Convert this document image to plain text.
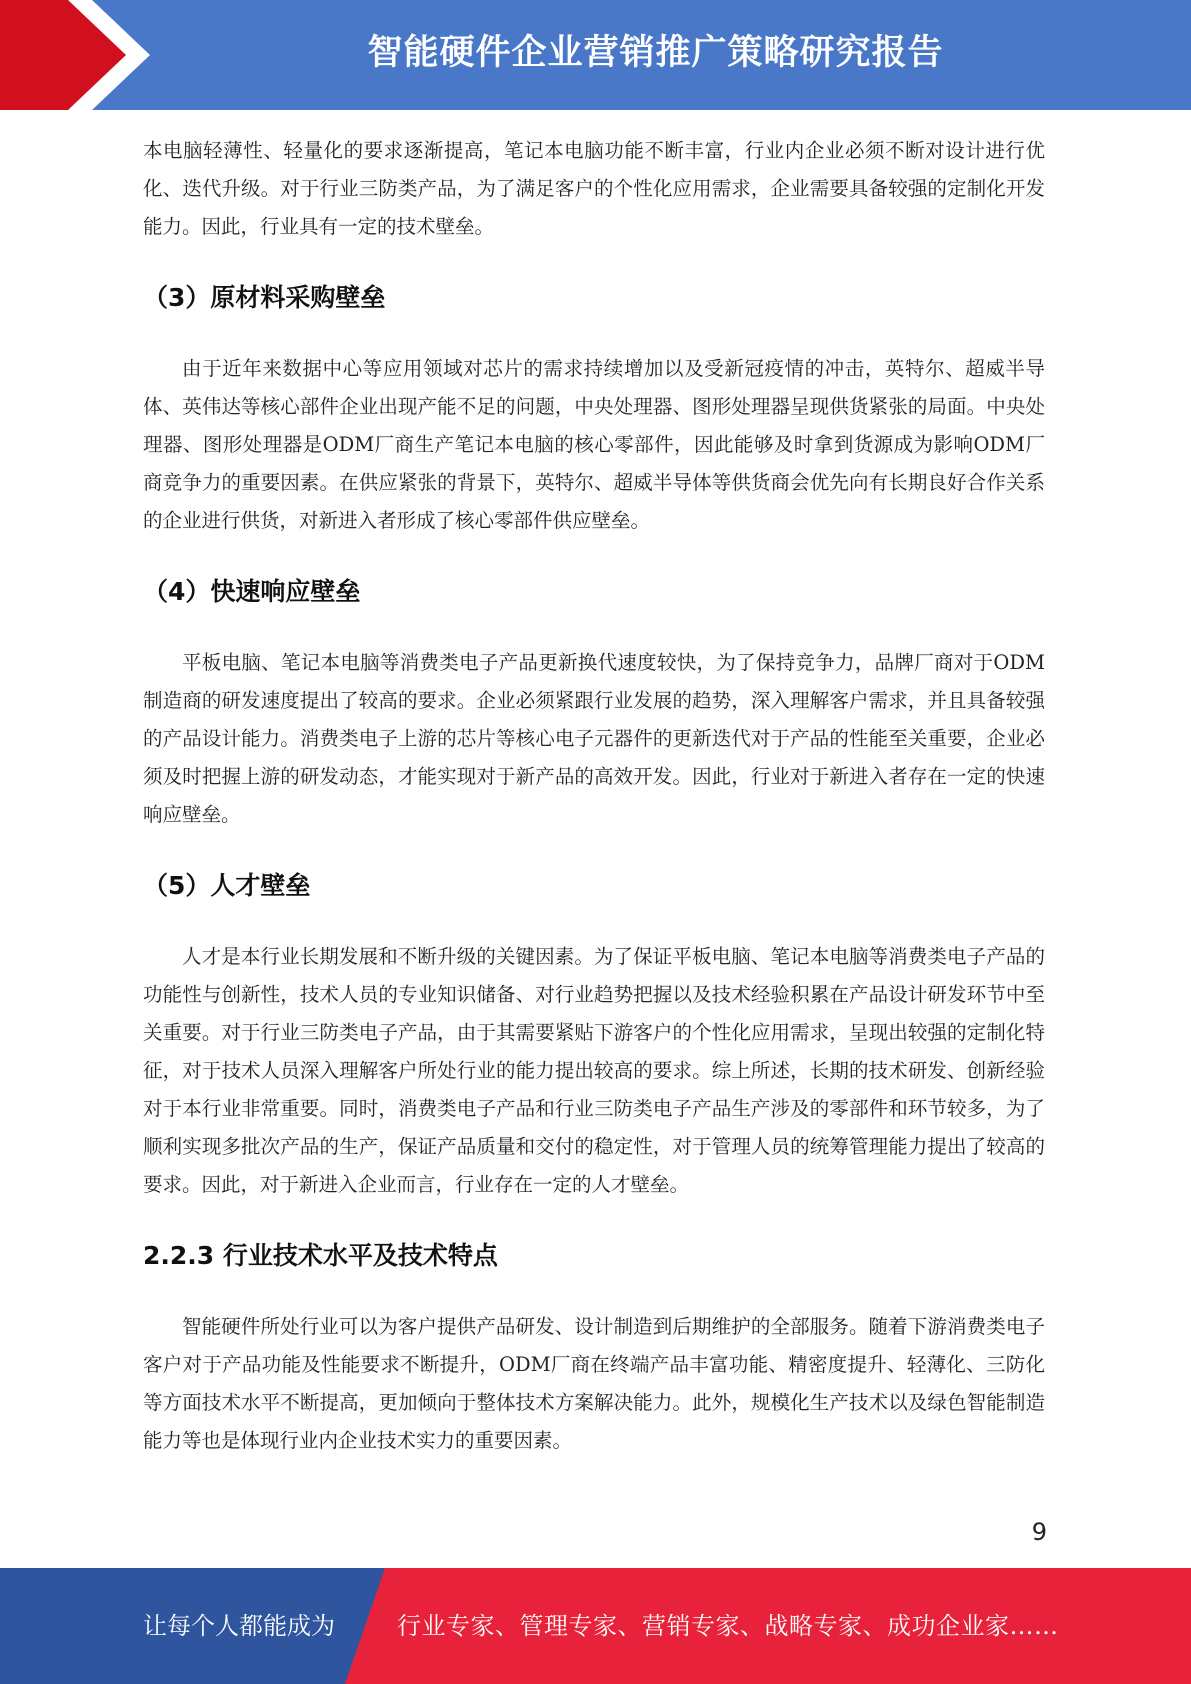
智能硬件企业营销推广策略研究报告

本电脑轻薄性、轻量化的要求逐渐提高，笔记本电脑功能不断丰富，行业内企业必须不断对设计进行优化、迭代升级。对于行业三防类产品，为了满足客户的个性化应用需求，企业需要具备较强的定制化开发能力。因此，行业具有一定的技术壁垒。

（3）原材料采购壁垒

由于近年来数据中心等应用领域对芯片的需求持续增加以及受新冠疫情的冲击，英特尔、超威半导体、英伟达等核心部件企业出现产能不足的问题，中央处理器、图形处理器呈现供货紧张的局面。中央处理器、图形处理器是ODM厂商生产笔记本电脑的核心零部件，因此能够及时拿到货源成为影响ODM厂商竞争力的重要因素。在供应紧张的背景下，英特尔、超威半导体等供货商会优先向有长期良好合作关系的企业进行供货，对新进入者形成了核心零部件供应壁垒。

（4）快速响应壁垒

平板电脑、笔记本电脑等消费类电子产品更新换代速度较快，为了保持竞争力，品牌厂商对于ODM制造商的研发速度提出了较高的要求。企业必须紧跟行业发展的趋势，深入理解客户需求，并且具备较强的产品设计能力。消费类电子上游的芯片等核心电子元器件的更新迭代对于产品的性能至关重要，企业必须及时把握上游的研发动态，才能实现对于新产品的高效开发。因此，行业对于新进入者存在一定的快速响应壁垒。

（5）人才壁垒

人才是本行业长期发展和不断升级的关键因素。为了保证平板电脑、笔记本电脑等消费类电子产品的功能性与创新性，技术人员的专业知识储备、对行业趋势把握以及技术经验积累在产品设计研发环节中至关重要。对于行业三防类电子产品，由于其需要紧贴下游客户的个性化应用需求，呈现出较强的定制化特征，对于技术人员深入理解客户所处行业的能力提出较高的要求。综上所述，长期的技术研发、创新经验对于本行业非常重要。同时，消费类电子产品和行业三防类电子产品生产涉及的零部件和环节较多，为了顺利实现多批次产品的生产，保证产品质量和交付的稳定性，对于管理人员的统筹管理能力提出了较高的要求。因此，对于新进入企业而言，行业存在一定的人才壁垒。

2.2.3 行业技术水平及技术特点

智能硬件所处行业可以为客户提供产品研发、设计制造到后期维护的全部服务。随着下游消费类电子客户对于产品功能及性能要求不断提升，ODM厂商在终端产品丰富功能、精密度提升、轻薄化、三防化等方面技术水平不断提高，更加倾向于整体技术方案解决能力。此外，规模化生产技术以及绿色智能制造能力等也是体现行业内企业技术实力的重要因素。

9
让每个人都能成为	行业专家、管理专家、营销专家、战略专家、成功企业家……
